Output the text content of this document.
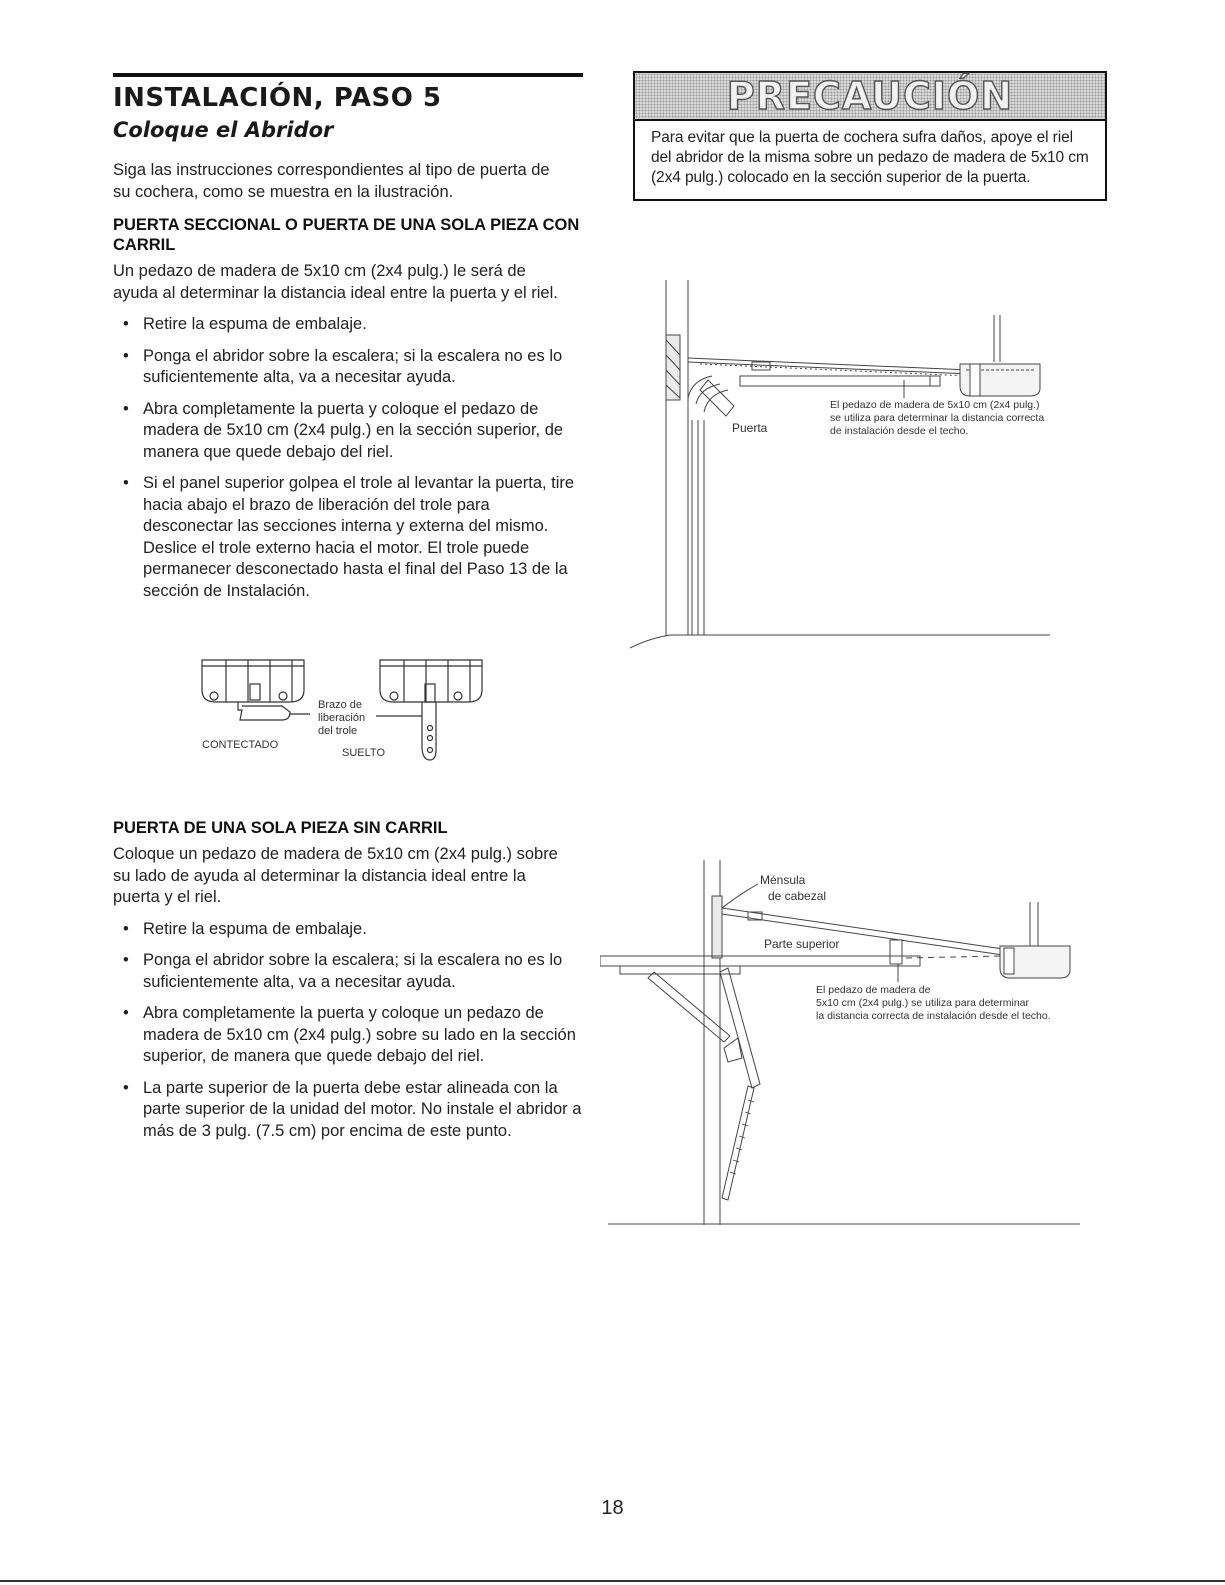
INSTALACIÓN, PASO 5
Coloque el Abridor

Siga las instrucciones correspondientes al tipo de puerta de su cochera, como se muestra en la ilustración.

PUERTA SECCIONAL O PUERTA DE UNA SOLA PIEZA CON CARRIL

Un pedazo de madera de 5x10 cm (2x4 pulg.) le será de ayuda al determinar la distancia ideal entre la puerta y el riel.

• Retire la espuma de embalaje.
• Ponga el abridor sobre la escalera; si la escalera no es lo suficientemente alta, va a necesitar ayuda.
• Abra completamente la puerta y coloque el pedazo de madera de 5x10 cm (2x4 pulg.) en la sección superior, de manera que quede debajo del riel.
• Si el panel superior golpea el trole al levantar la puerta, tire hacia abajo el brazo de liberación del trole para desconectar las secciones interna y externa del mismo. Deslice el trole externo hacia el motor. El trole puede permanecer desconectado hasta el final del Paso 13 de la sección de Instalación.
Brazo de
liberación
del trole
CONTECTADO
SUELTO

PUERTA DE UNA SOLA PIEZA SIN CARRIL

Coloque un pedazo de madera de 5x10 cm (2x4 pulg.) sobre su lado de ayuda al determinar la distancia ideal entre la puerta y el riel.

• Retire la espuma de embalaje.
• Ponga el abridor sobre la escalera; si la escalera no es lo suficientemente alta, va a necesitar ayuda.
• Abra completamente la puerta y coloque un pedazo de madera de 5x10 cm (2x4 pulg.) sobre su lado en la sección superior, de manera que quede debajo del riel.
• La parte superior de la puerta debe estar alineada con la parte superior de la unidad del motor. No instale el abridor a más de 3 pulg. (7.5 cm) por encima de este punto.
PRECAUCIÓN
Para evitar que la puerta de cochera sufra daños, apoye el riel del abridor de la misma sobre un pedazo de madera de 5x10 cm (2x4 pulg.) colocado en la sección superior de la puerta.
Puerta
El pedazo de madera de 5x10 cm (2x4 pulg.)
se utiliza para determinar la distancia correcta
de instalación desde el techo.
Ménsula
de cabezal
Parte superior
El pedazo de madera de
5x10 cm (2x4 pulg.) se utiliza para determinar
la distancia correcta de instalación desde el techo.
18
